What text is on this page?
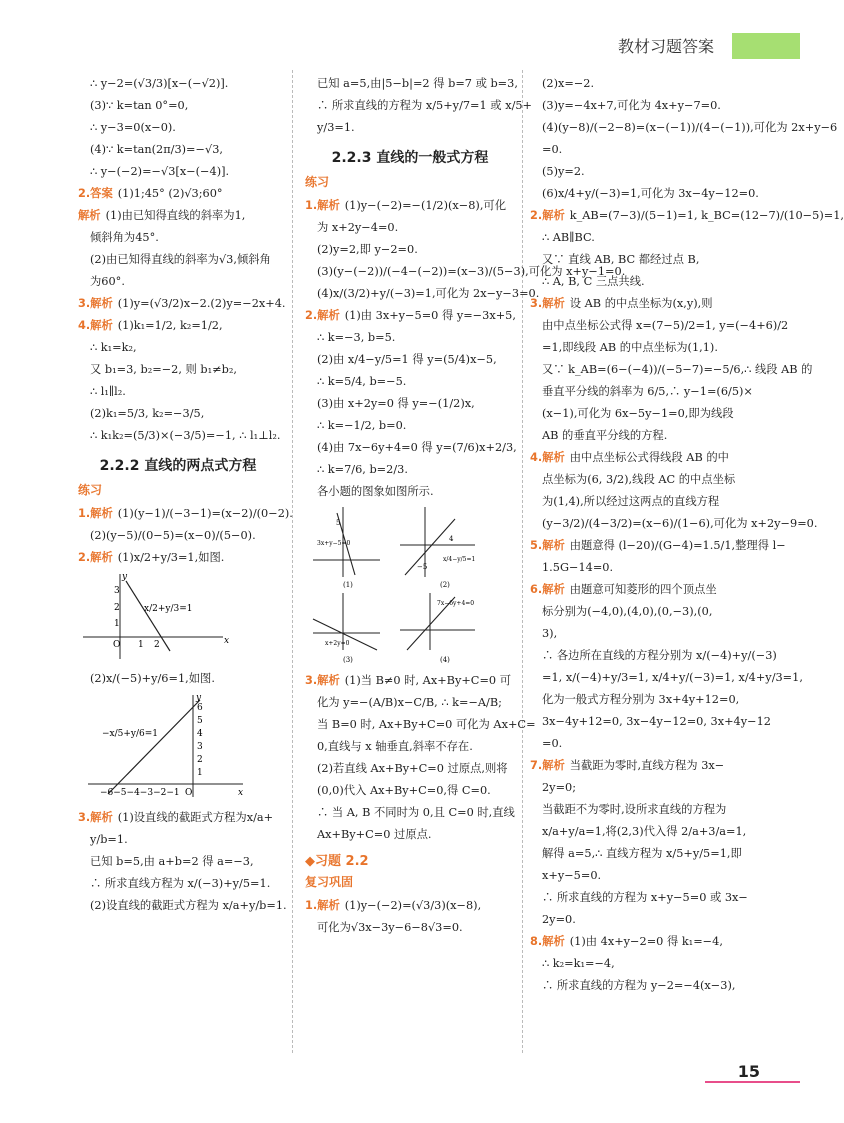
教材习题答案
∴ y−2=(√3/3)[x−(−√2)].
(3)∵ k=tan 0°=0,
∴ y−3=0(x−0).
(4)∵ k=tan(2π/3)=−√3,
∴ y−(−2)=−√3[x−(−4)].
2.答案 (1)1;45° (2)√3;60°
解析 (1)由已知得直线的斜率为1,
倾斜角为45°.
(2)由已知得直线的斜率为√3,倾斜角
为60°.
3.解析 (1)y=(√3/2)x−2.(2)y=−2x+4.
4.解析 (1)k₁=1/2, k₂=1/2,
∴ k₁=k₂,
又 b₁=3, b₂=−2, 则 b₁≠b₂,
∴ l₁∥l₂.
(2)k₁=5/3, k₂=−3/5,
∴ k₁k₂=(5/3)×(−3/5)=−1, ∴ l₁⊥l₂.
2.2.2 直线的两点式方程
练习
1.解析 (1)(y−1)/(−3−1)=(x−2)/(0−2).
(2)(y−5)/(0−5)=(x−0)/(5−0).
2.解析 (1)x/2+y/3=1,如图.
x
y
O
3
2
1
1 2
x/2+y/3=1
(2)x/(−5)+y/6=1,如图.
x
y
O
6
5
4
3
2
1
−6−5−4−3−2−1
−x/5+y/6=1
3.解析 (1)设直线的截距式方程为x/a+
y/b=1.
已知 b=5,由 a+b=2 得 a=−3,
∴ 所求直线方程为 x/(−3)+y/5=1.
(2)设直线的截距式方程为 x/a+y/b=1.
已知 a=5,由|5−b|=2 得 b=7 或 b=3,
∴ 所求直线的方程为 x/5+y/7=1 或 x/5+
y/3=1.
2.2.3 直线的一般式方程
练习
1.解析 (1)y−(−2)=−(1/2)(x−8),可化
为 x+2y−4=0.
(2)y=2,即 y−2=0.
(3)(y−(−2))/(−4−(−2))=(x−3)/(5−3),可化为 x+y−1=0.
(4)x/(3/2)+y/(−3)=1,可化为 2x−y−3=0.
2.解析 (1)由 3x+y−5=0 得 y=−3x+5,
∴ k=−3, b=5.
(2)由 x/4−y/5=1 得 y=(5/4)x−5,
∴ k=5/4, b=−5.
(3)由 x+2y=0 得 y=−(1/2)x,
∴ k=−1/2, b=0.
(4)由 7x−6y+4=0 得 y=(7/6)x+2/3,
∴ k=7/6, b=2/3.
各小题的图象如图所示.
5
3x+y−5=0
(1)
4
−5
x/4−y/5=1
(2)
x+2y=0
(3)
7x−6y+4=0
(4)
3.解析 (1)当 B≠0 时, Ax+By+C=0 可
化为 y=−(A/B)x−C/B, ∴ k=−A/B;
当 B=0 时, Ax+By+C=0 可化为 Ax+C=
0,直线与 x 轴垂直,斜率不存在.
(2)若直线 Ax+By+C=0 过原点,则将
(0,0)代入 Ax+By+C=0,得 C=0.
∴ 当 A, B 不同时为 0,且 C=0 时,直线
Ax+By+C=0 过原点.
◆习题 2.2
复习巩固
1.解析 (1)y−(−2)=(√3/3)(x−8),
可化为√3x−3y−6−8√3=0.
(2)x=−2.
(3)y=−4x+7,可化为 4x+y−7=0.
(4)(y−8)/(−2−8)=(x−(−1))/(4−(−1)),可化为 2x+y−6
=0.
(5)y=2.
(6)x/4+y/(−3)=1,可化为 3x−4y−12=0.
2.解析 k_AB=(7−3)/(5−1)=1, k_BC=(12−7)/(10−5)=1,
∴ AB∥BC.
又∵ 直线 AB, BC 都经过点 B,
∴ A, B, C 三点共线.
3.解析 设 AB 的中点坐标为(x,y),则
由中点坐标公式得 x=(7−5)/2=1, y=(−4+6)/2
=1,即线段 AB 的中点坐标为(1,1).
又∵ k_AB=(6−(−4))/(−5−7)=−5/6,∴ 线段 AB 的
垂直平分线的斜率为 6/5,∴ y−1=(6/5)×
(x−1),可化为 6x−5y−1=0,即为线段
AB 的垂直平分线的方程.
4.解析 由中点坐标公式得线段 AB 的中
点坐标为(6, 3/2),线段 AC 的中点坐标
为(1,4),所以经过这两点的直线方程
(y−3/2)/(4−3/2)=(x−6)/(1−6),可化为 x+2y−9=0.
5.解析 由题意得 (l−20)/(G−4)=1.5/1,整理得 l−
1.5G−14=0.
6.解析 由题意可知菱形的四个顶点坐
标分别为(−4,0),(4,0),(0,−3),(0,
3),
∴ 各边所在直线的方程分别为 x/(−4)+y/(−3)
=1, x/(−4)+y/3=1, x/4+y/(−3)=1, x/4+y/3=1,
化为一般式方程分别为 3x+4y+12=0,
3x−4y+12=0, 3x−4y−12=0, 3x+4y−12
=0.
7.解析 当截距为零时,直线方程为 3x−
2y=0;
当截距不为零时,设所求直线的方程为
x/a+y/a=1,将(2,3)代入得 2/a+3/a=1,
解得 a=5,∴ 直线方程为 x/5+y/5=1,即
x+y−5=0.
∴ 所求直线的方程为 x+y−5=0 或 3x−
2y=0.
8.解析 (1)由 4x+y−2=0 得 k₁=−4,
∴ k₂=k₁=−4,
∴ 所求直线的方程为 y−2=−4(x−3),
15
